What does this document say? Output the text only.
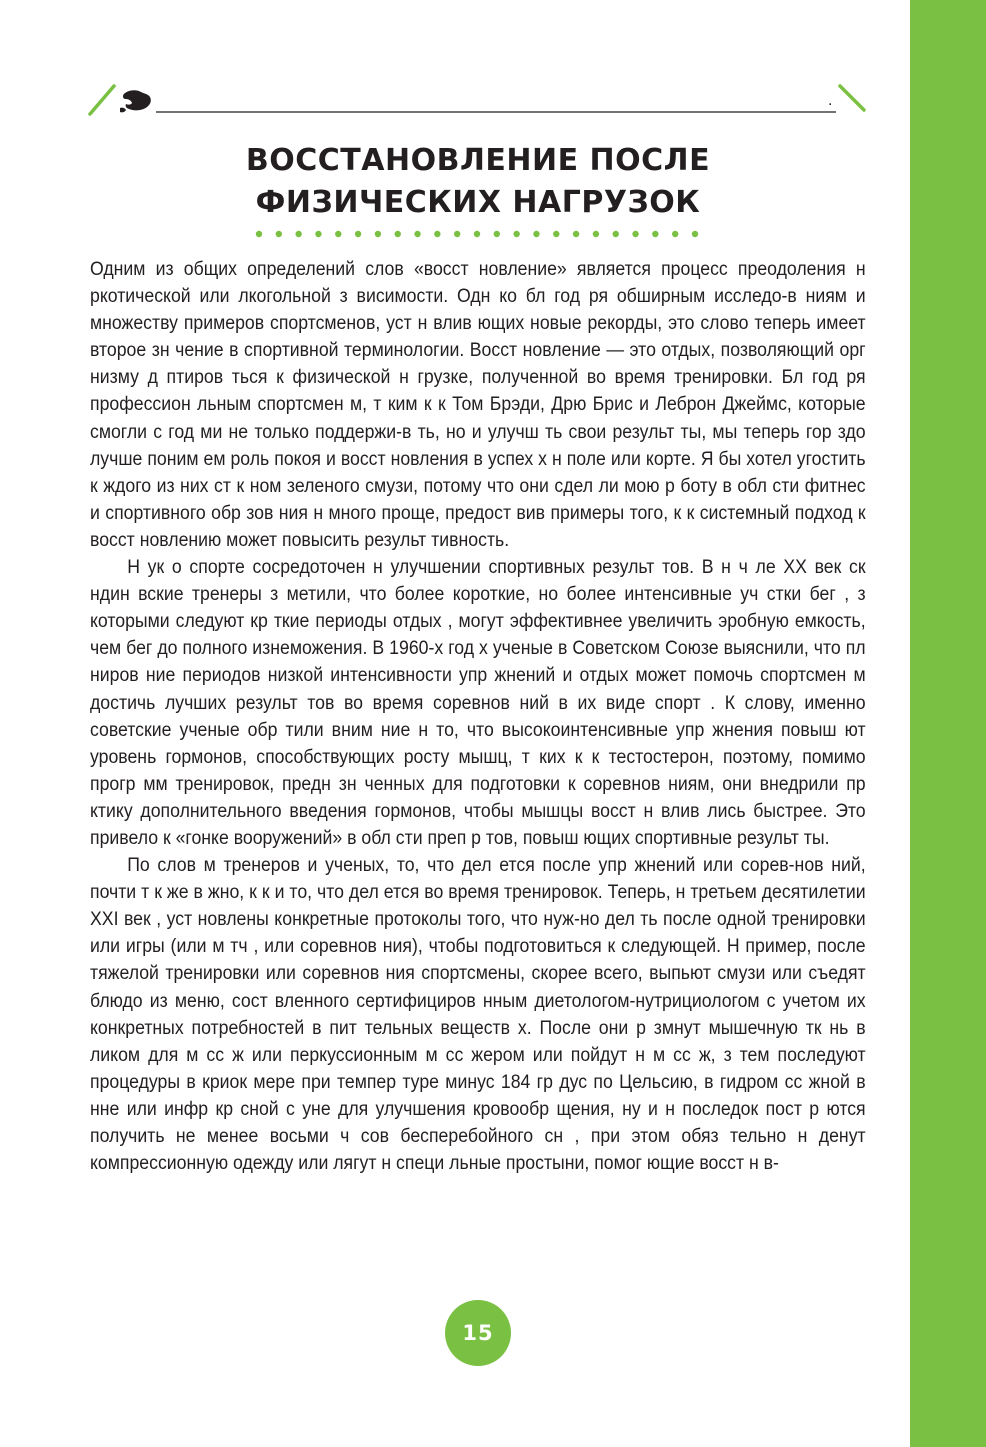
.
ВОССТАНОВЛЕНИЕ ПОСЛЕ
ФИЗИЧЕСКИХ НАГРУЗОК

Одним из общих определений слов «восст новление» является процесс преодоления н ркотической или лкогольной з висимости. Одн ко бл год ря обширным исследо-в ниям и множеству примеров спортсменов, уст н влив ющих новые рекорды, это слово теперь имеет второе зн чение в спортивной терминологии. Восст новление — это отдых, позволяющий орг низму д птиров ться к физической н грузке, полученной во время тренировки. Бл год ря профессион льным спортсмен м, т ким к к Том Брэди, Дрю Брис и Леброн Джеймс, которые смогли с год ми не только поддержи-в ть, но и улучш ть свои результ ты, мы теперь гор здо лучше поним ем роль покоя и восст новления в успех х н поле или корте. Я бы хотел угостить к ждого из них ст к ном зеленого смузи, потому что они сдел ли мою р боту в обл сти фитнес и спортивного обр зов ния н много проще, предост вив примеры того, к к системный подход к восст новлению может повысить результ тивность.

Н ук о спорте сосредоточен н улучшении спортивных результ тов. В н ч ле XX век ск ндин вские тренеры з метили, что более короткие, но более интенсивные уч стки бег , з которыми следуют кр ткие периоды отдых , могут эффективнее увеличить эробную емкость, чем бег до полного изнеможения. В 1960-х год х ученые в Советском Союзе выяснили, что пл ниров ние периодов низкой интенсивности упр жнений и отдых может помочь спортсмен м достичь лучших результ тов во время соревнов ний в их виде спорт . К слову, именно советские ученые обр тили вним ние н то, что высокоинтенсивные упр жнения повыш ют уровень гормонов, способствующих росту мышц, т ких к к тестостерон, поэтому, помимо прогр мм тренировок, предн зн ченных для подготовки к соревнов ниям, они внедрили пр ктику дополнительного введения гормонов, чтобы мышцы восст н влив лись быстрее. Это привело к «гонке вооружений» в обл сти преп р тов, повыш ющих спортивные результ ты.

По слов м тренеров и ученых, то, что дел ется после упр жнений или сорев-нов ний, почти т к же в жно, к к и то, что дел ется во время тренировок. Теперь, н третьем десятилетии XXI век , уст новлены конкретные протоколы того, что нуж-но дел ть после одной тренировки или игры (или м тч , или соревнов ния), чтобы подготовиться к следующей. Н пример, после тяжелой тренировки или соревнов ния спортсмены, скорее всего, выпьют смузи или съедят блюдо из меню, сост вленного сертифициров нным диетологом-нутрициологом с учетом их конкретных потребностей в пит тельных веществ х. После они р змнут мышечную тк нь в ликом для м сс ж или перкуссионным м сс жером или пойдут н м сс ж, з тем последуют процедуры в криок мере при темпер туре минус 184 гр дус по Цельсию, в гидром сс жной в нне или инфр кр сной с уне для улучшения кровообр щения, ну и н последок пост р ются получить не менее восьми ч сов бесперебойного сн , при этом обяз тельно н денут компрессионную одежду или лягут н специ льные простыни, помог ющие восст н в-

15
